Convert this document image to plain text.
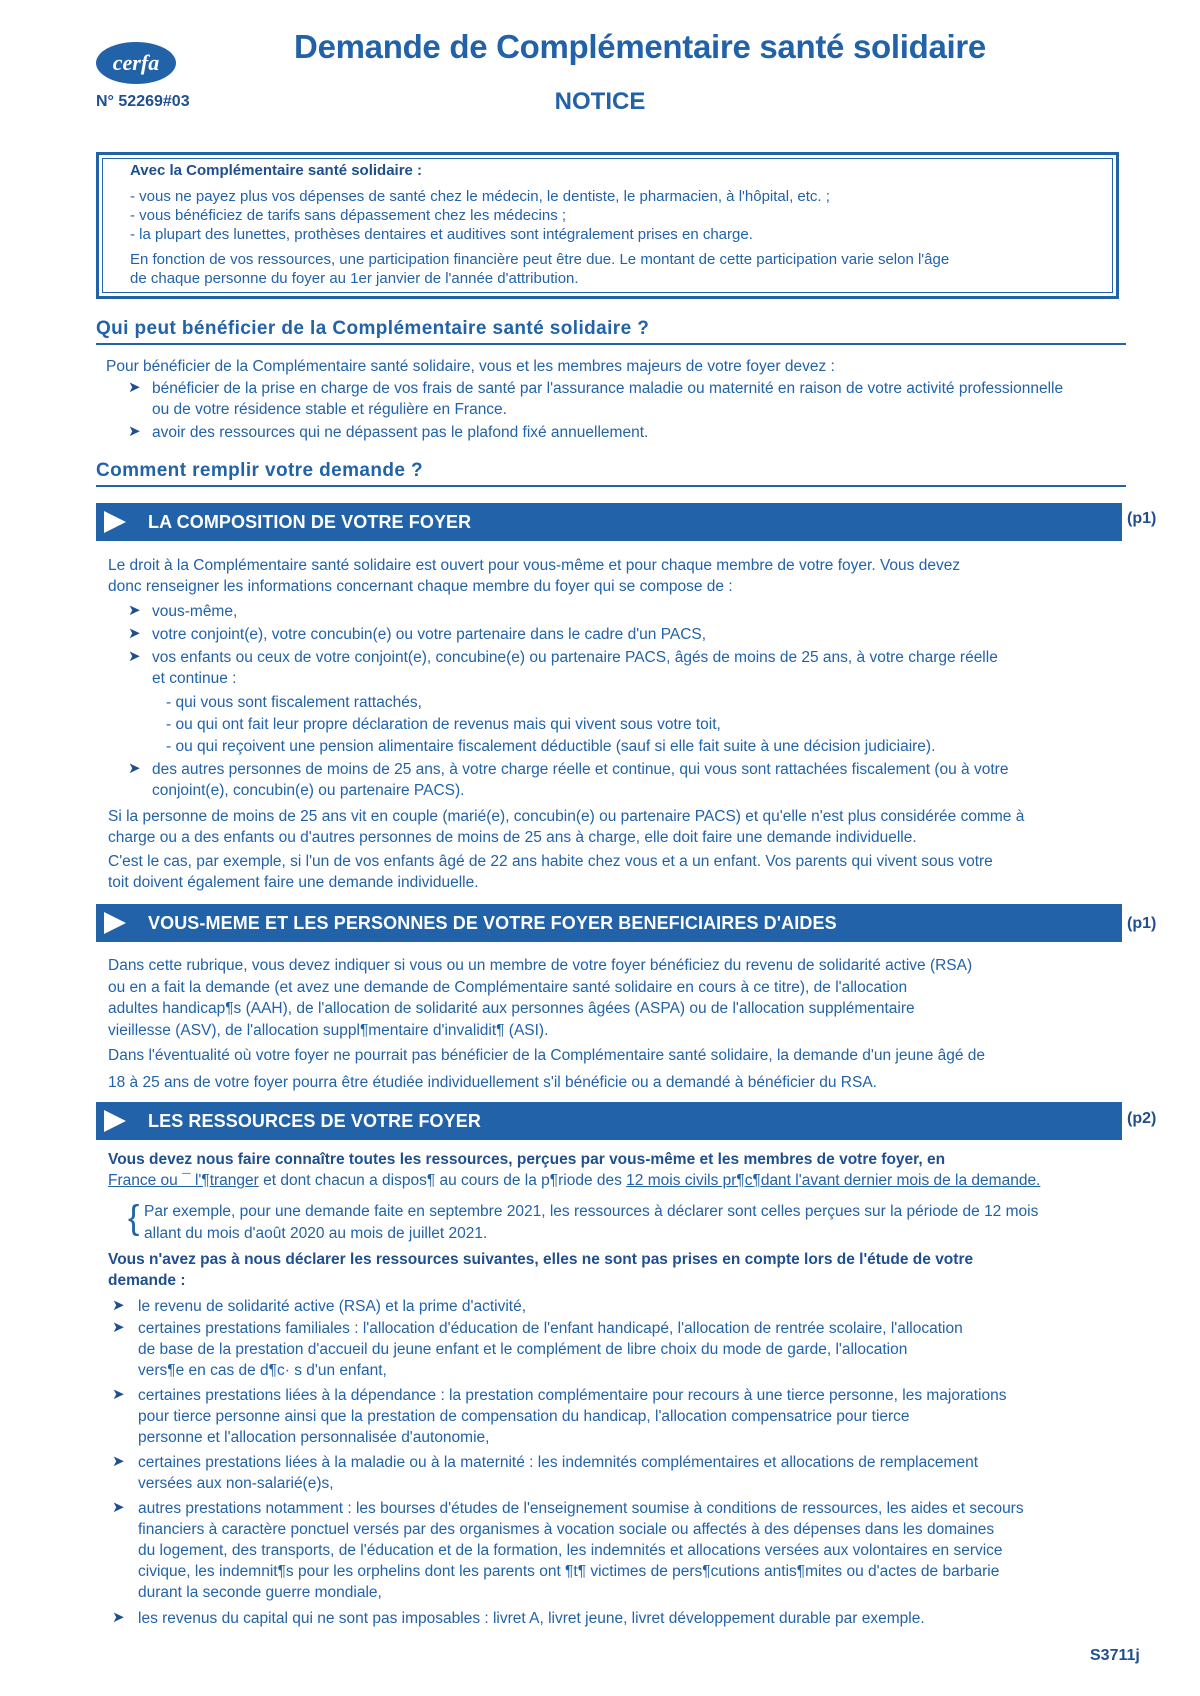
cerfa	Demande de Complémentaire santé solidaire
N° 52269#03	NOTICE
Avec la Complémentaire santé solidaire :
- vous ne payez plus vos dépenses de santé chez le médecin, le dentiste, le pharmacien, à l'hôpital, etc. ;
- vous bénéficiez de tarifs sans dépassement chez les médecins ;
- la plupart des lunettes, prothèses dentaires et auditives sont intégralement prises en charge.
En fonction de vos ressources, une participation financière peut être due. Le montant de cette participation varie selon l'âge
de chaque personne du foyer au 1er janvier de l'année d'attribution.
Qui peut bénéficier de la Complémentaire santé solidaire ?
Pour bénéficier de la Complémentaire santé solidaire, vous et les membres majeurs de votre foyer devez :
➤ bénéficier de la prise en charge de vos frais de santé par l'assurance maladie ou maternité en raison de votre activité professionnelle
ou de votre résidence stable et régulière en France.
➤ avoir des ressources qui ne dépassent pas le plafond fixé annuellement.
Comment remplir votre demande ?
LA COMPOSITION DE VOTRE FOYER	(p1)
Le droit à la Complémentaire santé solidaire est ouvert pour vous-même et pour chaque membre de votre foyer. Vous devez
donc renseigner les informations concernant chaque membre du foyer qui se compose de :
➤ vous-même,
➤ votre conjoint(e), votre concubin(e) ou votre partenaire dans le cadre d'un PACS,
➤ vos enfants ou ceux de votre conjoint(e), concubine(e) ou partenaire PACS, âgés de moins de 25 ans, à votre charge réelle
et continue :
- qui vous sont fiscalement rattachés,
- ou qui ont fait leur propre déclaration de revenus mais qui vivent sous votre toit,
- ou qui reçoivent une pension alimentaire fiscalement déductible (sauf si elle fait suite à une décision judiciaire).
➤ des autres personnes de moins de 25 ans, à votre charge réelle et continue, qui vous sont rattachées fiscalement (ou à votre
conjoint(e), concubin(e) ou partenaire PACS).
Si la personne de moins de 25 ans vit en couple (marié(e), concubin(e) ou partenaire PACS) et qu'elle n'est plus considérée comme à
charge ou a des enfants ou d'autres personnes de moins de 25 ans à charge, elle doit faire une demande individuelle.
C'est le cas, par exemple, si l'un de vos enfants âgé de 22 ans habite chez vous et a un enfant. Vos parents qui vivent sous votre
toit doivent également faire une demande individuelle.
VOUS-MEME ET LES PERSONNES DE VOTRE FOYER BENEFICIAIRES D'AIDES	(p1)
Dans cette rubrique, vous devez indiquer si vous ou un membre de votre foyer bénéficiez du revenu de solidarité active (RSA)
ou en a fait la demande (et avez une demande de Complémentaire santé solidaire en cours à ce titre), de l'allocation
adultes handicap¶s (AAH), de l'allocation de solidarité aux personnes âgées (ASPA) ou de l'allocation supplémentaire
vieillesse (ASV), de l'allocation suppl¶mentaire d'invalidit¶ (ASI).
Dans l'éventualité où votre foyer ne pourrait pas bénéficier de la Complémentaire santé solidaire, la demande d'un jeune âgé de
18 à 25 ans de votre foyer pourra être étudiée individuellement s'il bénéficie ou a demandé à bénéficier du RSA.
LES RESSOURCES DE VOTRE FOYER	(p2)
Vous devez nous faire connaître toutes les ressources, perçues par vous-même et les membres de votre foyer, en
France ou ¯ l'¶tranger et dont chacun a dispos¶ au cours de la p¶riode des 12 mois civils pr¶c¶dant l'avant dernier mois de la demande.
{ Par exemple, pour une demande faite en septembre 2021, les ressources à déclarer sont celles perçues sur la période de 12 mois
allant du mois d'août 2020 au mois de juillet 2021.
Vous n'avez pas à nous déclarer les ressources suivantes, elles ne sont pas prises en compte lors de l'étude de votre
demande :
➤ le revenu de solidarité active (RSA) et la prime d'activité,
➤ certaines prestations familiales : l'allocation d'éducation de l'enfant handicapé, l'allocation de rentrée scolaire, l'allocation
de base de la prestation d'accueil du jeune enfant et le complément de libre choix du mode de garde, l'allocation
vers¶e en cas de d¶c· s d'un enfant,
➤ certaines prestations liées à la dépendance : la prestation complémentaire pour recours à une tierce personne, les majorations
pour tierce personne ainsi que la prestation de compensation du handicap, l'allocation compensatrice pour tierce
personne et l'allocation personnalisée d'autonomie,
➤ certaines prestations liées à la maladie ou à la maternité : les indemnités complémentaires et allocations de remplacement
versées aux non-salarié(e)s,
➤ autres prestations notamment : les bourses d'études de l'enseignement soumise à conditions de ressources, les aides et secours
financiers à caractère ponctuel versés par des organismes à vocation sociale ou affectés à des dépenses dans les domaines
du logement, des transports, de l'éducation et de la formation, les indemnités et allocations versées aux volontaires en service
civique, les indemnit¶s pour les orphelins dont les parents ont ¶t¶ victimes de pers¶cutions antis¶mites ou d'actes de barbarie
durant la seconde guerre mondiale,
➤ les revenus du capital qui ne sont pas imposables : livret A, livret jeune, livret développement durable par exemple.
S3711j
